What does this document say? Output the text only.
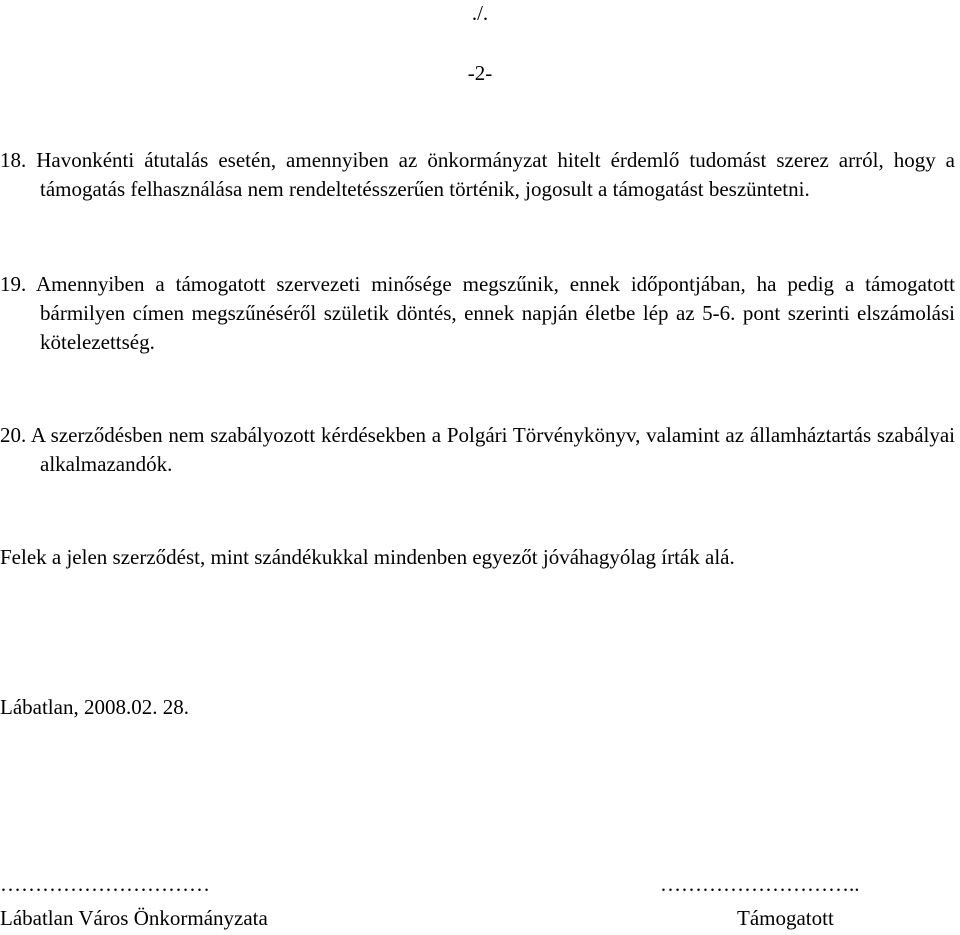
./.
-2-
18. Havonkénti átutalás esetén, amennyiben az önkormányzat hitelt érdemlő tudomást szerez arról, hogy a támogatás felhasználása nem rendeltetésszerűen történik, jogosult a támogatást beszüntetni.
19. Amennyiben a támogatott szervezeti minősége megszűnik, ennek időpontjában, ha pedig a támogatott bármilyen címen megszűnéséről születik döntés, ennek napján életbe lép az 5-6. pont szerinti elszámolási kötelezettség.
20. A szerződésben nem szabályozott kérdésekben a Polgári Törvénykönyv, valamint az államháztartás szabályai alkalmazandók.
Felek a jelen szerződést, mint szándékukkal mindenben egyezőt jóváhagyólag írták alá.
Lábatlan, 2008.02. 28.
…………………………	………………………..
Lábatlan Város Önkormányzata	Támogatott
